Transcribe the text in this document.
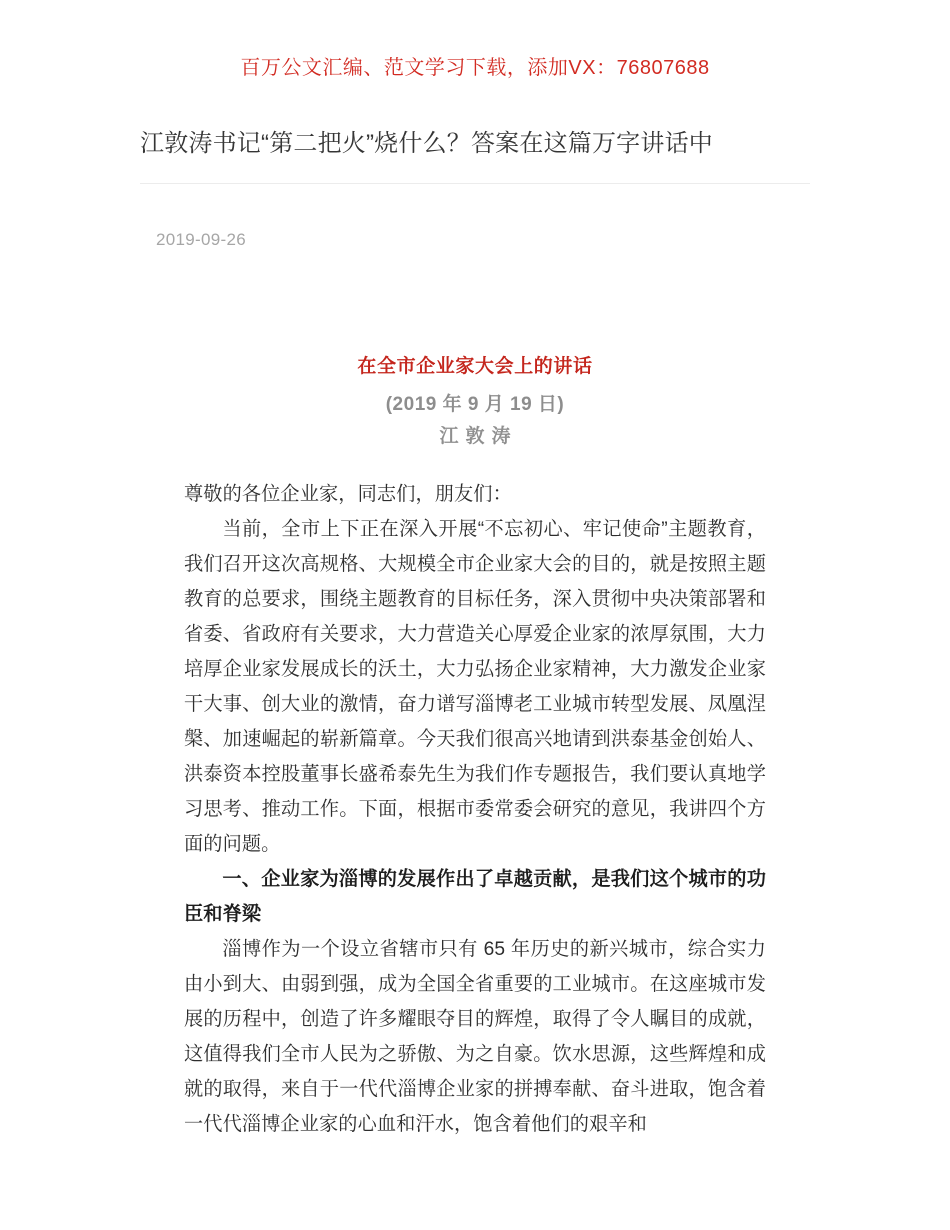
百万公文汇编、范文学习下载，添加VX：76807688
江敦涛书记“第二把火”烧什么？答案在这篇万字讲话中
2019-09-26
在全市企业家大会上的讲话
(2019 年 9 月 19 日)
江敦涛

尊敬的各位企业家，同志们，朋友们：

当前，全市上下正在深入开展“不忘初心、牢记使命”主题教育，我们召开这次高规格、大规模全市企业家大会的目的，就是按照主题教育的总要求，围绕主题教育的目标任务，深入贯彻中央决策部署和省委、省政府有关要求，大力营造关心厚爱企业家的浓厚氛围，大力培厚企业家发展成长的沃土，大力弘扬企业家精神，大力激发企业家干大事、创大业的激情，奋力谱写淄博老工业城市转型发展、凤凰涅槃、加速崛起的崭新篇章。今天我们很高兴地请到洪泰基金创始人、洪泰资本控股董事长盛希泰先生为我们作专题报告，我们要认真地学习思考、推动工作。下面，根据市委常委会研究的意见，我讲四个方面的问题。

一、企业家为淄博的发展作出了卓越贡献，是我们这个城市的功臣和脊梁

淄博作为一个设立省辖市只有 65 年历史的新兴城市，综合实力由小到大、由弱到强，成为全国全省重要的工业城市。在这座城市发展的历程中，创造了许多耀眼夺目的辉煌，取得了令人瞩目的成就，这值得我们全市人民为之骄傲、为之自豪。饮水思源，这些辉煌和成就的取得，来自于一代代淄博企业家的拼搏奉献、奋斗进取，饱含着一代代淄博企业家的心血和汗水，饱含着他们的艰辛和
